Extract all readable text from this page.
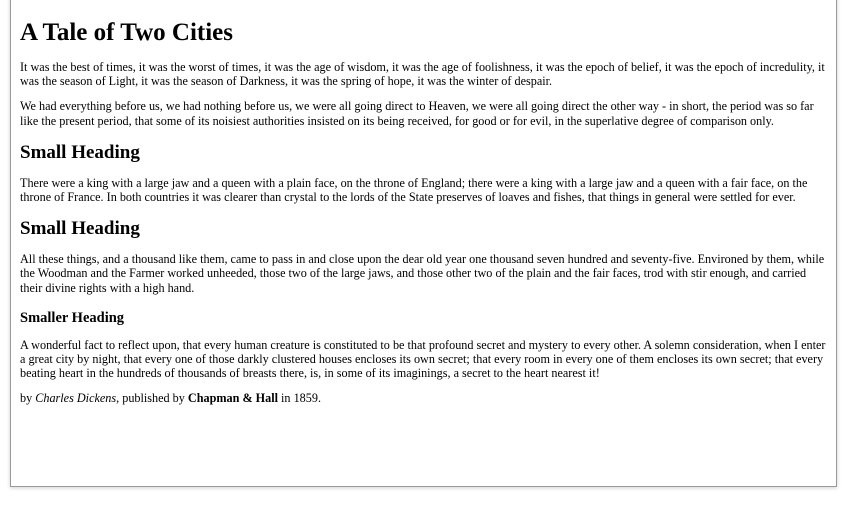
A Tale of Two Cities

It was the best of times, it was the worst of times, it was the age of wisdom, it was the age of foolishness, it was the epoch of belief, it was the epoch of incredulity, it was the season of Light, it was the season of Darkness, it was the spring of hope, it was the winter of despair.

We had everything before us, we had nothing before us, we were all going direct to Heaven, we were all going direct the other way - in short, the period was so far like the present period, that some of its noisiest authorities insisted on its being received, for good or for evil, in the superlative degree of comparison only.

Small Heading

There were a king with a large jaw and a queen with a plain face, on the throne of England; there were a king with a large jaw and a queen with a fair face, on the throne of France. In both countries it was clearer than crystal to the lords of the State preserves of loaves and fishes, that things in general were settled for ever.

Small Heading

All these things, and a thousand like them, came to pass in and close upon the dear old year one thousand seven hundred and seventy-five. Environed by them, while the Woodman and the Farmer worked unheeded, those two of the large jaws, and those other two of the plain and the fair faces, trod with stir enough, and carried their divine rights with a high hand.

Smaller Heading

A wonderful fact to reflect upon, that every human creature is constituted to be that profound secret and mystery to every other. A solemn consideration, when I enter a great city by night, that every one of those darkly clustered houses encloses its own secret; that every room in every one of them encloses its own secret; that every beating heart in the hundreds of thousands of breasts there, is, in some of its imaginings, a secret to the heart nearest it!

by Charles Dickens, published by Chapman & Hall in 1859.
